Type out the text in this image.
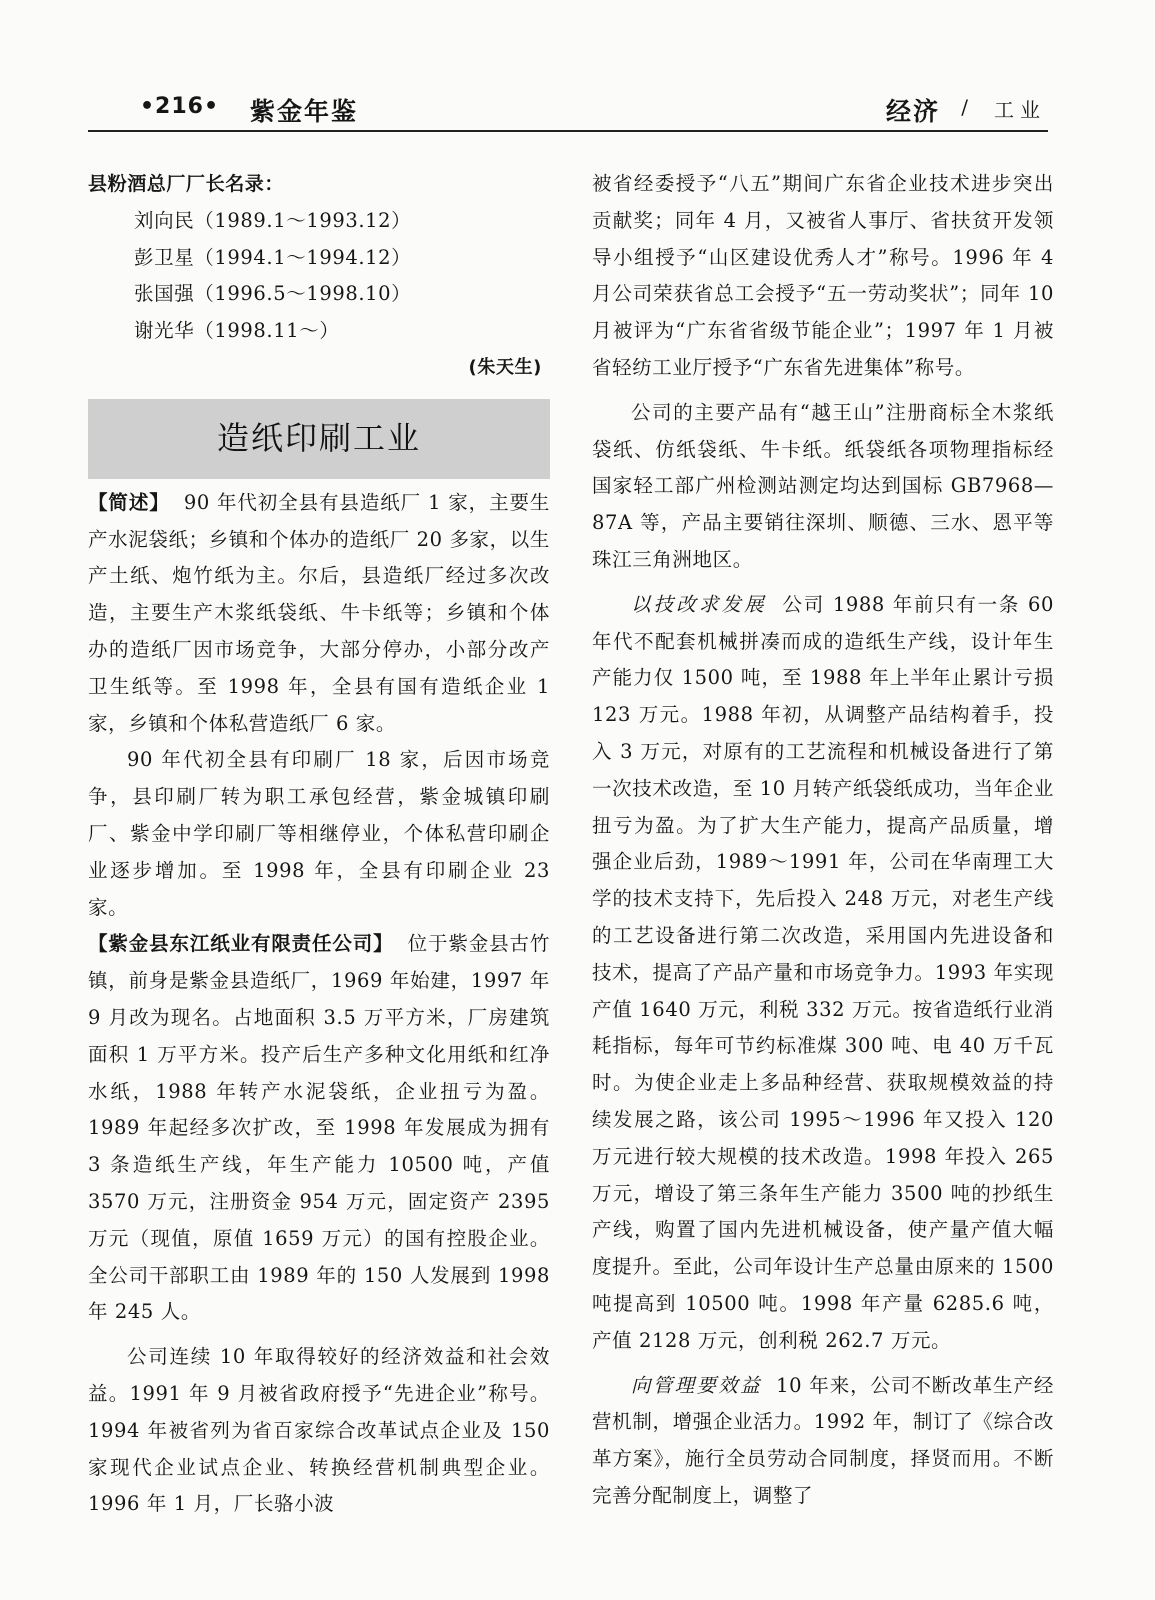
•216• 紫金年鉴	经济 / 工业

县粉酒总厂厂长名录：

刘向民（1989.1～1993.12）

彭卫星（1994.1～1994.12）

张国强（1996.5～1998.10）

谢光华（1998.11～）

(朱天生)

造纸印刷工业

【简述】 90 年代初全县有县造纸厂 1 家，主要生产水泥袋纸；乡镇和个体办的造纸厂 20 多家，以生产土纸、炮竹纸为主。尔后，县造纸厂经过多次改造，主要生产木浆纸袋纸、牛卡纸等；乡镇和个体办的造纸厂因市场竞争，大部分停办，小部分改产卫生纸等。至 1998 年，全县有国有造纸企业 1 家，乡镇和个体私营造纸厂 6 家。

90 年代初全县有印刷厂 18 家，后因市场竞争，县印刷厂转为职工承包经营，紫金城镇印刷厂、紫金中学印刷厂等相继停业，个体私营印刷企业逐步增加。至 1998 年，全县有印刷企业 23 家。

【紫金县东江纸业有限责任公司】 位于紫金县古竹镇，前身是紫金县造纸厂，1969 年始建，1997 年 9 月改为现名。占地面积 3.5 万平方米，厂房建筑面积 1 万平方米。投产后生产多种文化用纸和红净水纸，1988 年转产水泥袋纸，企业扭亏为盈。1989 年起经多次扩改，至 1998 年发展成为拥有 3 条造纸生产线，年生产能力 10500 吨，产值 3570 万元，注册资金 954 万元，固定资产 2395 万元（现值，原值 1659 万元）的国有控股企业。全公司干部职工由 1989 年的 150 人发展到 1998 年 245 人。

公司连续 10 年取得较好的经济效益和社会效益。1991 年 9 月被省政府授予“先进企业”称号。1994 年被省列为省百家综合改革试点企业及 150 家现代企业试点企业、转换经营机制典型企业。1996 年 1 月，厂长骆小波

被省经委授予“八五”期间广东省企业技术进步突出贡献奖；同年 4 月，又被省人事厅、省扶贫开发领导小组授予“山区建设优秀人才”称号。1996 年 4 月公司荣获省总工会授予“五一劳动奖状”；同年 10 月被评为“广东省省级节能企业”；1997 年 1 月被省轻纺工业厅授予“广东省先进集体”称号。

公司的主要产品有“越王山”注册商标全木浆纸袋纸、仿纸袋纸、牛卡纸。纸袋纸各项物理指标经国家轻工部广州检测站测定均达到国标 GB7968—87A 等，产品主要销往深圳、顺德、三水、恩平等珠江三角洲地区。

以技改求发展 公司 1988 年前只有一条 60 年代不配套机械拼凑而成的造纸生产线，设计年生产能力仅 1500 吨，至 1988 年上半年止累计亏损 123 万元。1988 年初，从调整产品结构着手，投入 3 万元，对原有的工艺流程和机械设备进行了第一次技术改造，至 10 月转产纸袋纸成功，当年企业扭亏为盈。为了扩大生产能力，提高产品质量，增强企业后劲，1989～1991 年，公司在华南理工大学的技术支持下，先后投入 248 万元，对老生产线的工艺设备进行第二次改造，采用国内先进设备和技术，提高了产品产量和市场竞争力。1993 年实现产值 1640 万元，利税 332 万元。按省造纸行业消耗指标，每年可节约标准煤 300 吨、电 40 万千瓦时。为使企业走上多品种经营、获取规模效益的持续发展之路，该公司 1995～1996 年又投入 120 万元进行较大规模的技术改造。1998 年投入 265 万元，增设了第三条年生产能力 3500 吨的抄纸生产线，购置了国内先进机械设备，使产量产值大幅度提升。至此，公司年设计生产总量由原来的 1500 吨提高到 10500 吨。1998 年产量 6285.6 吨，产值 2128 万元，创利税 262.7 万元。

向管理要效益 10 年来，公司不断改革生产经营机制，增强企业活力。1992 年，制订了《综合改革方案》，施行全员劳动合同制度，择贤而用。不断完善分配制度上，调整了
